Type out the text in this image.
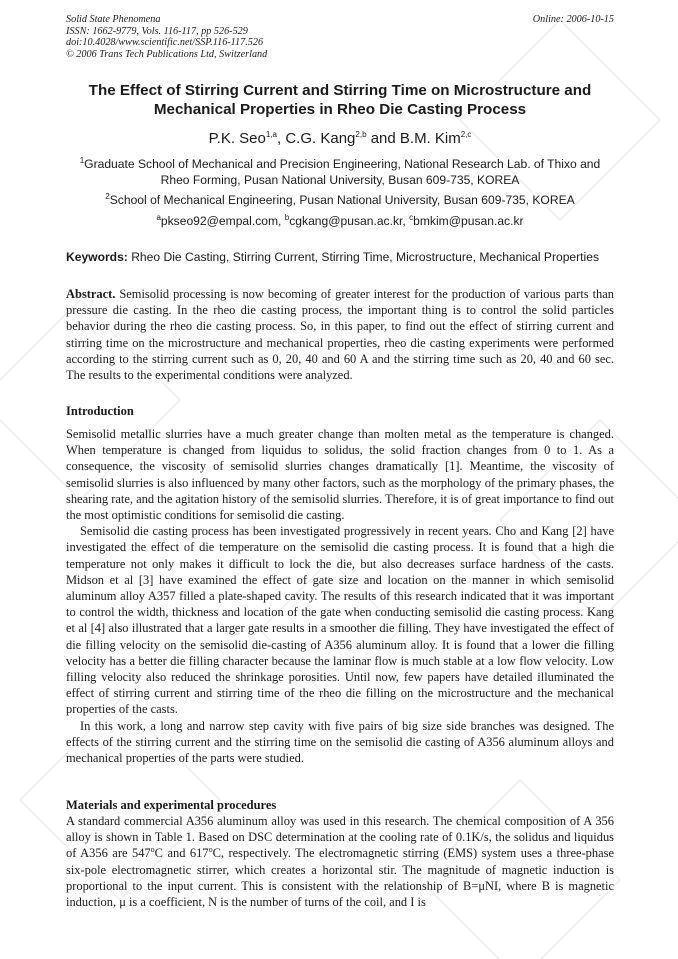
Solid State Phenomena
ISSN: 1662-9779, Vols. 116-117, pp 526-529
doi:10.4028/www.scientific.net/SSP.116-117.526
© 2006 Trans Tech Publications Ltd, Switzerland
Online: 2006-10-15
The Effect of Stirring Current and Stirring Time on Microstructure and Mechanical Properties in Rheo Die Casting Process
P.K. Seo$^{1,a}$, C.G. Kang$^{2,b}$ and B.M. Kim$^{2,c}$
$^1$Graduate School of Mechanical and Precision Engineering, National Research Lab. of Thixo and Rheo Forming, Pusan National University, Busan 609-735, KOREA
$^2$School of Mechanical Engineering, Pusan National University, Busan 609-735, KOREA
$^a$pkseo92@empal.com, $^b$cgkang@pusan.ac.kr, $^c$bmkim@pusan.ac.kr
Keywords: Rheo Die Casting, Stirring Current, Stirring Time, Microstructure, Mechanical Properties
Abstract. Semisolid processing is now becoming of greater interest for the production of various parts than pressure die casting. In the rheo die casting process, the important thing is to control the solid particles behavior during the rheo die casting process. So, in this paper, to find out the effect of stirring current and stirring time on the microstructure and mechanical properties, rheo die casting experiments were performed according to the stirring current such as 0, 20, 40 and 60 A and the stirring time such as 20, 40 and 60 sec. The results to the experimental conditions were analyzed.
Introduction
Semisolid metallic slurries have a much greater change than molten metal as the temperature is changed. When temperature is changed from liquidus to solidus, the solid fraction changes from 0 to 1. As a consequence, the viscosity of semisolid slurries changes dramatically [1]. Meantime, the viscosity of semisolid slurries is also influenced by many other factors, such as the morphology of the primary phases, the shearing rate, and the agitation history of the semisolid slurries. Therefore, it is of great importance to find out the most optimistic conditions for semisolid die casting.
Semisolid die casting process has been investigated progressively in recent years. Cho and Kang [2] have investigated the effect of die temperature on the semisolid die casting process. It is found that a high die temperature not only makes it difficult to lock the die, but also decreases surface hardness of the casts. Midson et al [3] have examined the effect of gate size and location on the manner in which semisolid aluminum alloy A357 filled a plate-shaped cavity. The results of this research indicated that it was important to control the width, thickness and location of the gate when conducting semisolid die casting process. Kang et al [4] also illustrated that a larger gate results in a smoother die filling. They have investigated the effect of die filling velocity on the semisolid die-casting of A356 aluminum alloy. It is found that a lower die filling velocity has a better die filling character because the laminar flow is much stable at a low flow velocity. Low filling velocity also reduced the shrinkage porosities. Until now, few papers have detailed illuminated the effect of stirring current and stirring time of the rheo die filling on the microstructure and the mechanical properties of the casts.
In this work, a long and narrow step cavity with five pairs of big size side branches was designed. The effects of the stirring current and the stirring time on the semisolid die casting of A356 aluminum alloys and mechanical properties of the parts were studied.
Materials and experimental procedures
A standard commercial A356 aluminum alloy was used in this research. The chemical composition of A 356 alloy is shown in Table 1. Based on DSC determination at the cooling rate of 0.1K/s, the solidus and liquidus of A356 are 547$^o$C and 617$^o$C, respectively. The electromagnetic stirring (EMS) system uses a three-phase six-pole electromagnetic stirrer, which creates a horizontal stir. The magnitude of magnetic induction is proportional to the input current. This is consistent with the relationship of B=μNI, where B is magnetic induction, μ is a coefficient, N is the number of turns of the coil, and I is
